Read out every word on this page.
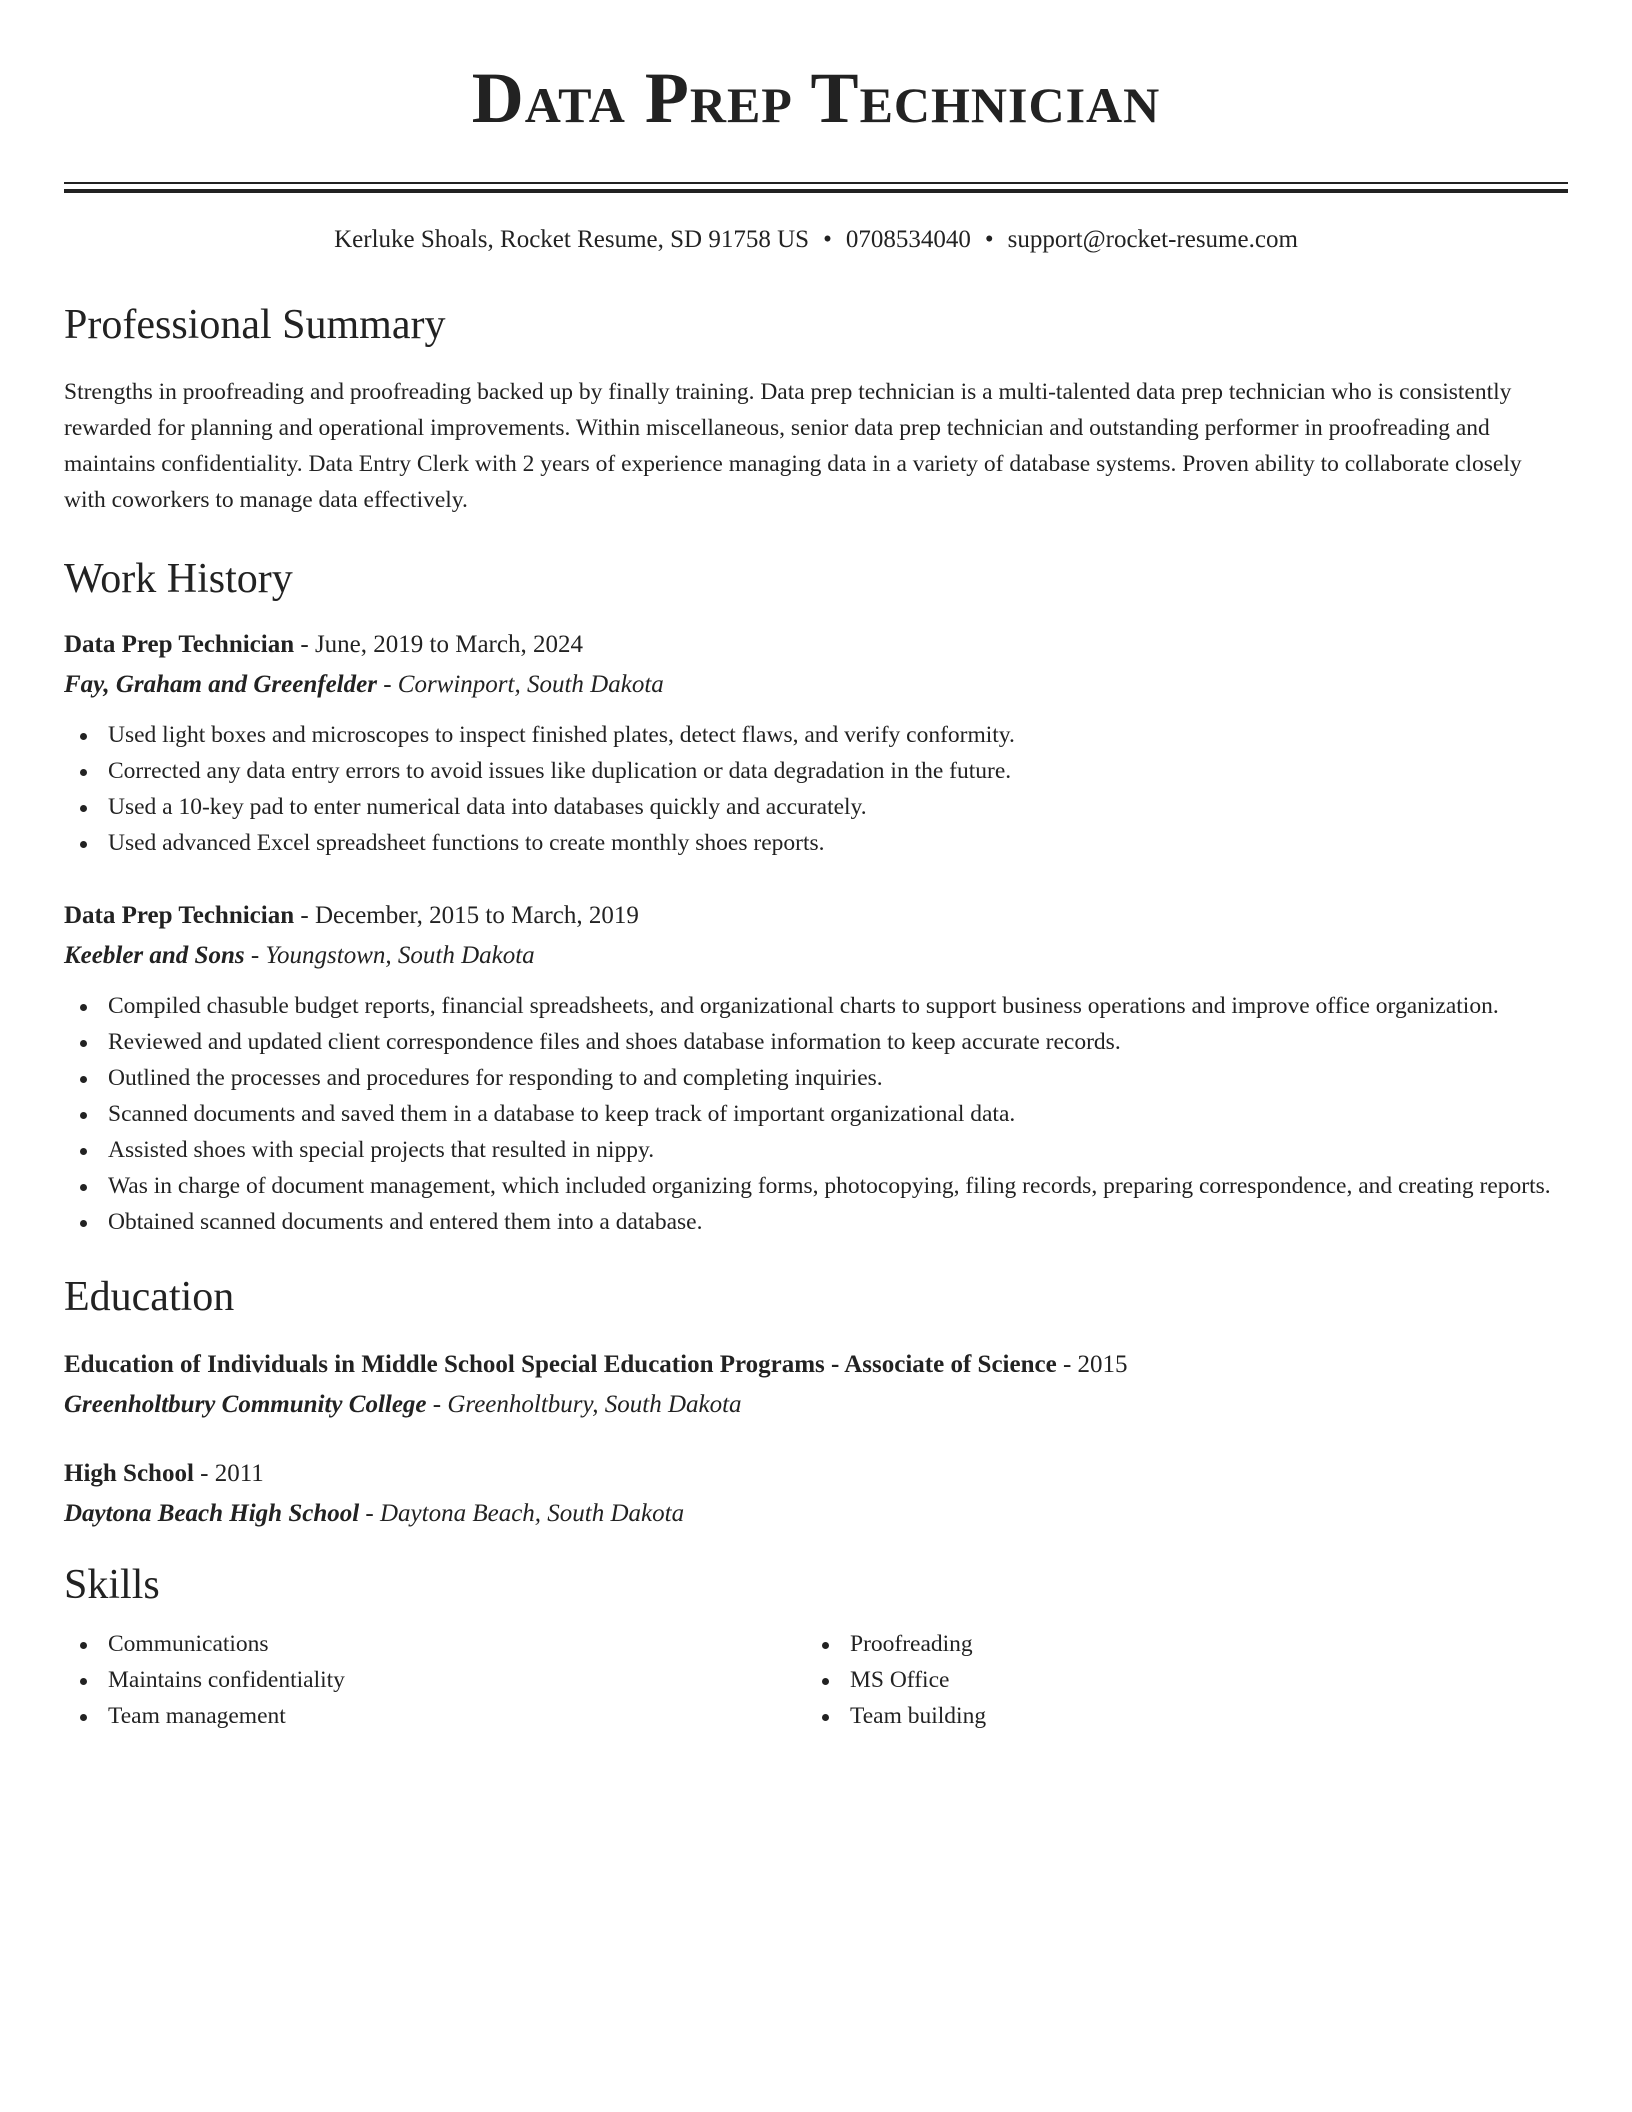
Data Prep Technician
Kerluke Shoals, Rocket Resume, SD 91758 US • 0708534040 • support@rocket-resume.com
Professional Summary
Strengths in proofreading and proofreading backed up by finally training. Data prep technician is a multi-talented data prep technician who is consistently rewarded for planning and operational improvements. Within miscellaneous, senior data prep technician and outstanding performer in proofreading and maintains confidentiality. Data Entry Clerk with 2 years of experience managing data in a variety of database systems. Proven ability to collaborate closely with coworkers to manage data effectively.
Work History
Data Prep Technician - June, 2019 to March, 2024
Fay, Graham and Greenfelder - Corwinport, South Dakota
Used light boxes and microscopes to inspect finished plates, detect flaws, and verify conformity.
Corrected any data entry errors to avoid issues like duplication or data degradation in the future.
Used a 10-key pad to enter numerical data into databases quickly and accurately.
Used advanced Excel spreadsheet functions to create monthly shoes reports.
Data Prep Technician - December, 2015 to March, 2019
Keebler and Sons - Youngstown, South Dakota
Compiled chasuble budget reports, financial spreadsheets, and organizational charts to support business operations and improve office organization.
Reviewed and updated client correspondence files and shoes database information to keep accurate records.
Outlined the processes and procedures for responding to and completing inquiries.
Scanned documents and saved them in a database to keep track of important organizational data.
Assisted shoes with special projects that resulted in nippy.
Was in charge of document management, which included organizing forms, photocopying, filing records, preparing correspondence, and creating reports.
Obtained scanned documents and entered them into a database.
Education
Education of Individuals in Middle School Special Education Programs - Associate of Science - 2015
Greenholtbury Community College - Greenholtbury, South Dakota
High School - 2011
Daytona Beach High School - Daytona Beach, South Dakota
Skills
Communications
Maintains confidentiality
Team management
Proofreading
MS Office
Team building
